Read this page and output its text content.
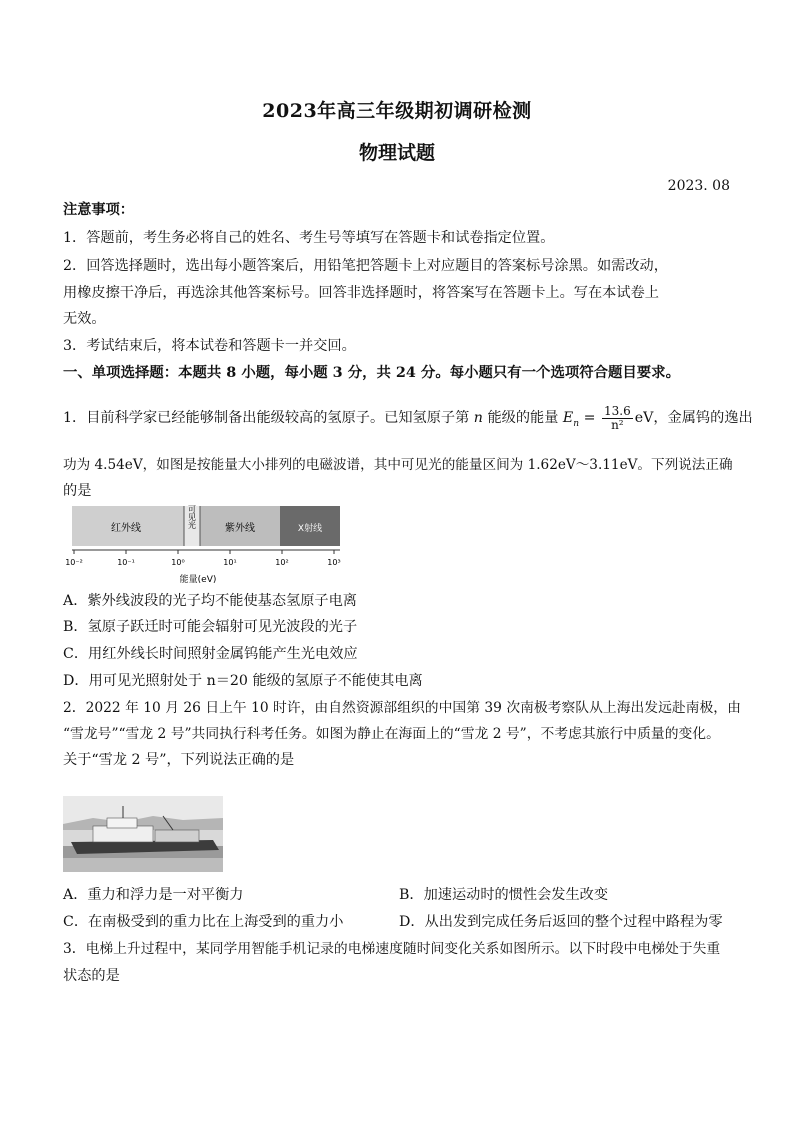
2023年高三年级期初调研检测
物理试题
2023. 08
注意事项：
1．答题前，考生务必将自己的姓名、考生号等填写在答题卡和试卷指定位置。
2．回答选择题时，选出每小题答案后，用铅笔把答题卡上对应题目的答案标号涂黑。如需改动，
用橡皮擦干净后，再选涂其他答案标号。回答非选择题时，将答案写在答题卡上。写在本试卷上
无效。
3．考试结束后，将本试卷和答题卡一并交回。
一、单项选择题：本题共 8 小题，每小题 3 分，共 24 分。每小题只有一个选项符合题目要求。
1．目前科学家已经能够制备出能级较高的氢原子。已知氢原子第 n 能级的能量 $E_n = \frac{13.6}{\text{n²}}$ eV，金属钨的逸出
功为 4.54eV，如图是按能量大小排列的电磁波谱，其中可见光的能量区间为 1.62eV～3.11eV。下列说法正确
的是
红外线	可见光	紫外线	X射线
10⁻²	10⁻¹	10⁰	10¹	10²	10³
能量(eV)
A．紫外线波段的光子均不能使基态氢原子电离
B．氢原子跃迁时可能会辐射可见光波段的光子
C．用红外线长时间照射金属钨能产生光电效应
D．用可见光照射处于 n＝20 能级的氢原子不能使其电离
2．2022 年 10 月 26 日上午 10 时许，由自然资源部组织的中国第 39 次南极考察队从上海出发远赴南极，由
“雪龙号”“雪龙 2 号”共同执行科考任务。如图为静止在海面上的“雪龙 2 号”，不考虑其旅行中质量的变化。
关于“雪龙 2 号”，下列说法正确的是
A．重力和浮力是一对平衡力	B．加速运动时的惯性会发生改变
C．在南极受到的重力比在上海受到的重力小	D．从出发到完成任务后返回的整个过程中路程为零
3．电梯上升过程中，某同学用智能手机记录的电梯速度随时间变化关系如图所示。以下时段中电梯处于失重
状态的是
